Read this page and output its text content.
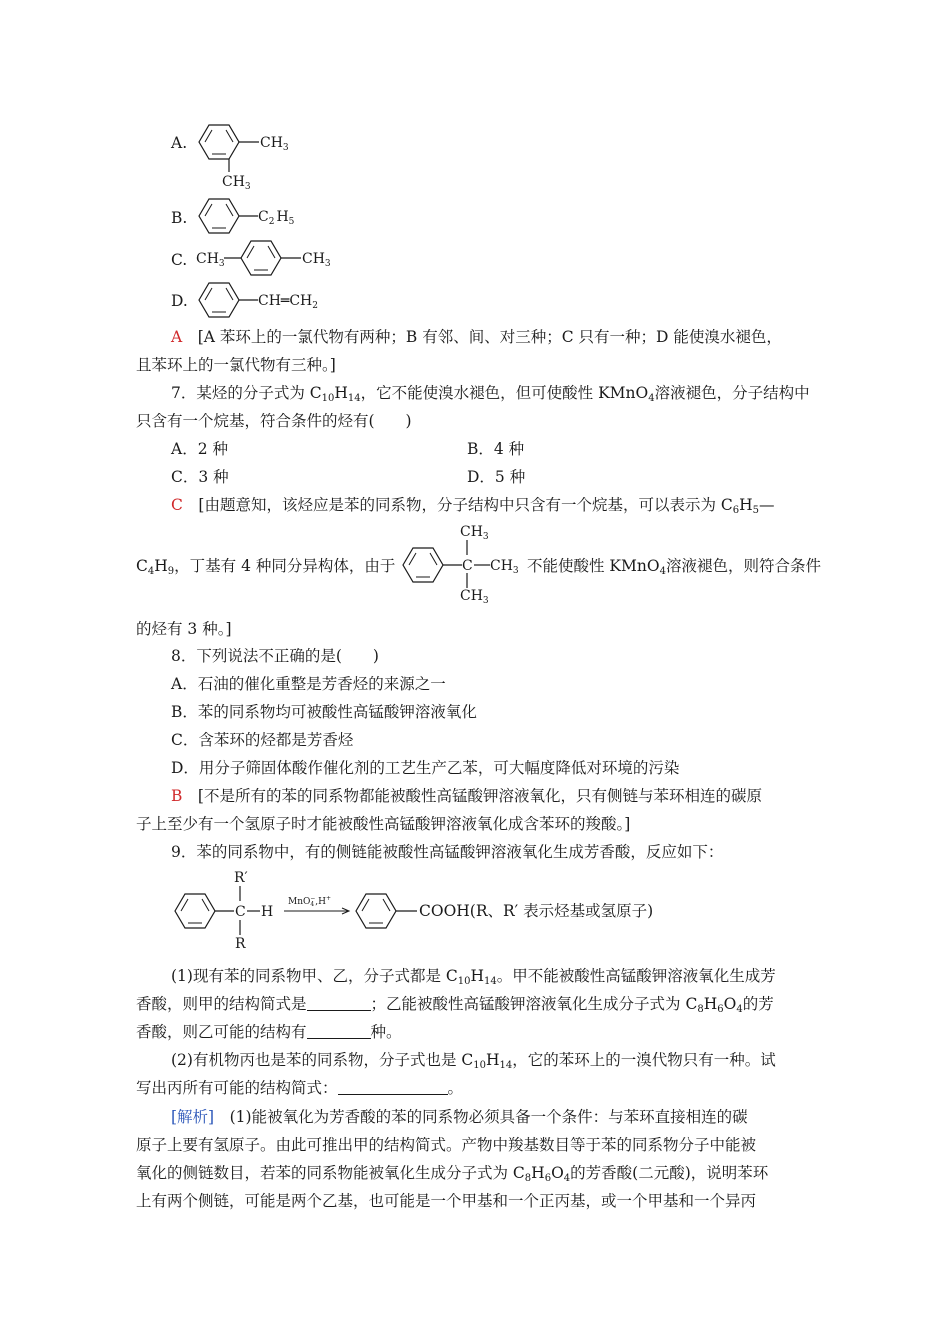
A.	$CH_3$
$CH_3$
B.	$C_2$ $H_5$
C. $CH_3$	$CH_3$
D.	$CH═CH_2$
A　 [A 苯环上的一氯代物有两种；B 有邻、间、对三种；C 只有一种；D 能使溴水褪色，
且苯环上的一氯代物有三种。]
7．某烃的分子式为 $C_{10}H_{14}$，它不能使溴水褪色，但可使酸性 KMnO$_4$溶液褪色，分子结构中
只含有一个烷基，符合条件的烃有(　　)
A．2 种	B．4 种
C．3 种	D．5 种
C　 [由题意知，该烃应是苯的同系物，分子结构中只含有一个烷基，可以表示为 $C_6H_5—$
$C_4H_9$，丁基有 4 种同分异构体，由于	C
$CH_3$
$CH_3$
$CH_3$
不能使酸性 KMnO$_4$溶液褪色，则符合条件
的烃有 3 种。]
8．下列说法不正确的是(　　)
A．石油的催化重整是芳香烃的来源之一
B．苯的同系物均可被酸性高锰酸钾溶液氧化
C．含苯环的烃都是芳香烃
D．用分子筛固体酸作催化剂的工艺生产乙苯，可大幅度降低对环境的污染
B　 [不是所有的苯的同系物都能被酸性高锰酸钾溶液氧化，只有侧链与苯环相连的碳原
子上至少有一个氢原子时才能被酸性高锰酸钾溶液氧化成含苯环的羧酸。]
9．苯的同系物中，有的侧链能被酸性高锰酸钾溶液氧化生成芳香酸，反应如下：
C H
R′
R
MnO$_4$−,H+
COOH(R、R′ 表示烃基或氢原子)
(1)现有苯的同系物甲、乙，分子式都是 $C_{10}H_{14}$。甲不能被酸性高锰酸钾溶液氧化生成芳
香酸，则甲的结构简式是	；乙能被酸性高锰酸钾溶液氧化生成分子式为 $C_8H_6O_4$的芳
香酸，则乙可能的结构有	种。
(2)有机物丙也是苯的同系物，分子式也是 $C_{10}H_{14}$，它的苯环上的一溴代物只有一种。试
写出丙所有可能的结构简式：	。
[解析]　 (1)能被氧化为芳香酸的苯的同系物必须具备一个条件：与苯环直接相连的碳
原子上要有氢原子。由此可推出甲的结构简式。产物中羧基数目等于苯的同系物分子中能被
氧化的侧链数目，若苯的同系物能被氧化生成分子式为 $C_8H_6O_4$的芳香酸(二元酸)，说明苯环
上有两个侧链，可能是两个乙基，也可能是一个甲基和一个正丙基，或一个甲基和一个异丙
